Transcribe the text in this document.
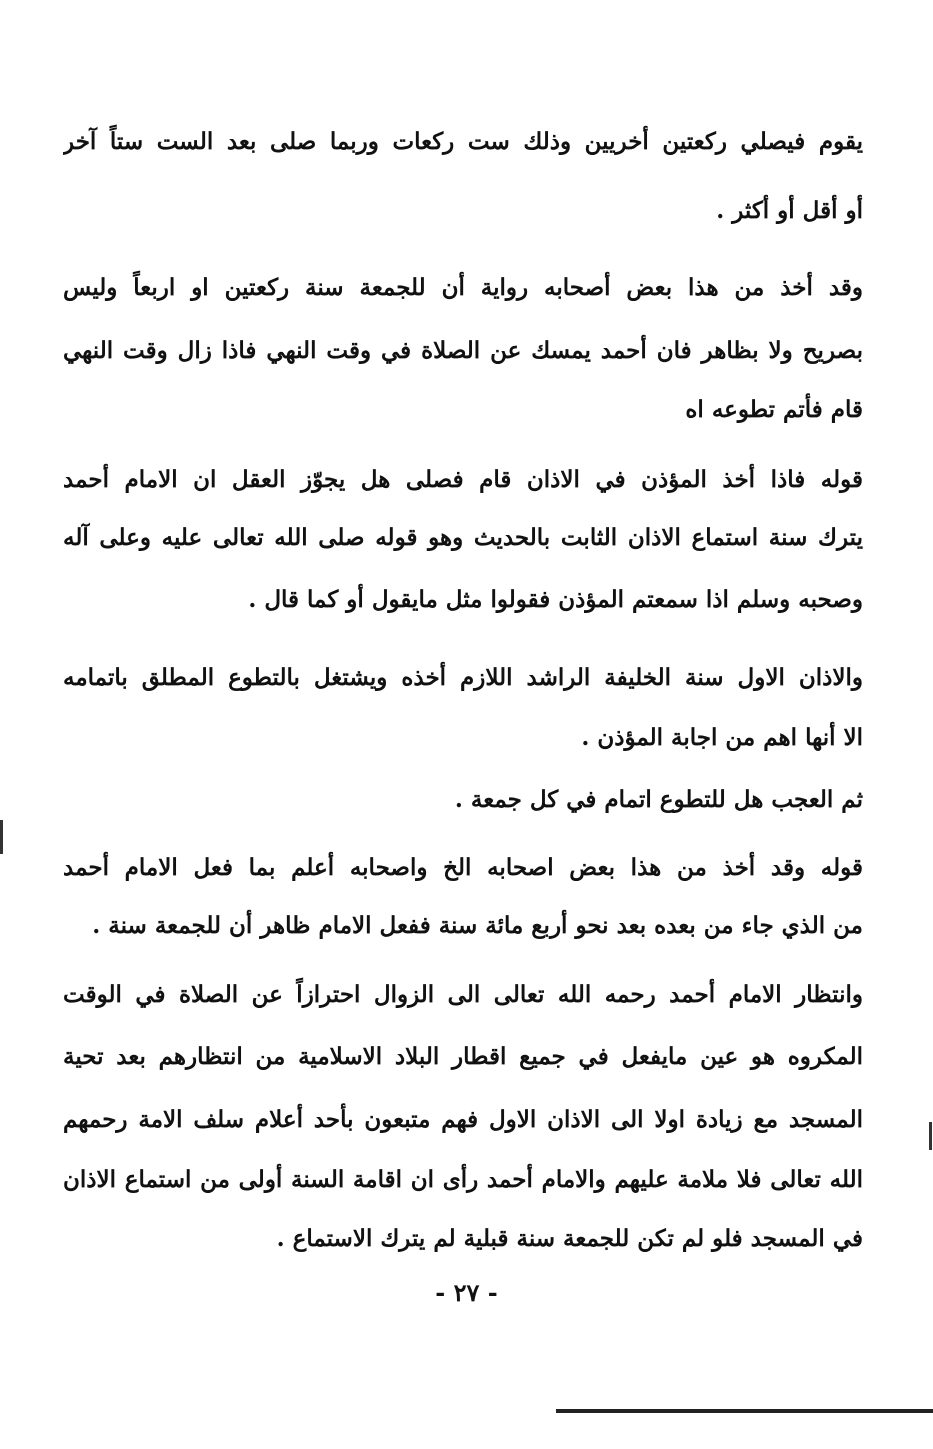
يقوم فيصلي ركعتين أخريين وذلك ست ركعات وربما صلى بعد الست ستاً آخر
أو أقل أو أكثر .
وقد أخذ من هذا بعض أصحابه رواية أن للجمعة سنة ركعتين او اربعاً وليس
بصريح ولا بظاهر فان أحمد يمسك عن الصلاة في وقت النهي فاذا زال وقت النهي
قام فأتم تطوعه اه
قوله فاذا أخذ المؤذن في الاذان قام فصلى هل يجوّز العقل ان الامام أحمد
يترك سنة استماع الاذان الثابت بالحديث وهو قوله صلى الله تعالى عليه وعلى آله
وصحبه وسلم اذا سمعتم المؤذن فقولوا مثل مايقول أو كما قال .
والاذان الاول سنة الخليفة الراشد اللازم أخذه ويشتغل بالتطوع المطلق باتمامه
الا أنها اهم من اجابة المؤذن .
ثم العجب هل للتطوع اتمام في كل جمعة .
قوله وقد أخذ من هذا بعض اصحابه الخ واصحابه أعلم بما فعل الامام أحمد
من الذي جاء من بعده بعد نحو أربع مائة سنة ففعل الامام ظاهر أن للجمعة سنة .
وانتظار الامام أحمد رحمه الله تعالى الى الزوال احترازاً عن الصلاة في الوقت
المكروه هو عين مايفعل في جميع اقطار البلاد الاسلامية من انتظارهم بعد تحية
المسجد مع زيادة اولا الى الاذان الاول فهم متبعون بأحد أعلام سلف الامة رحمهم
الله تعالى فلا ملامة عليهم والامام أحمد رأى ان اقامة السنة أولى من استماع الاذان
في المسجد فلو لم تكن للجمعة سنة قبلية لم يترك الاستماع .
- ٢٧ -
